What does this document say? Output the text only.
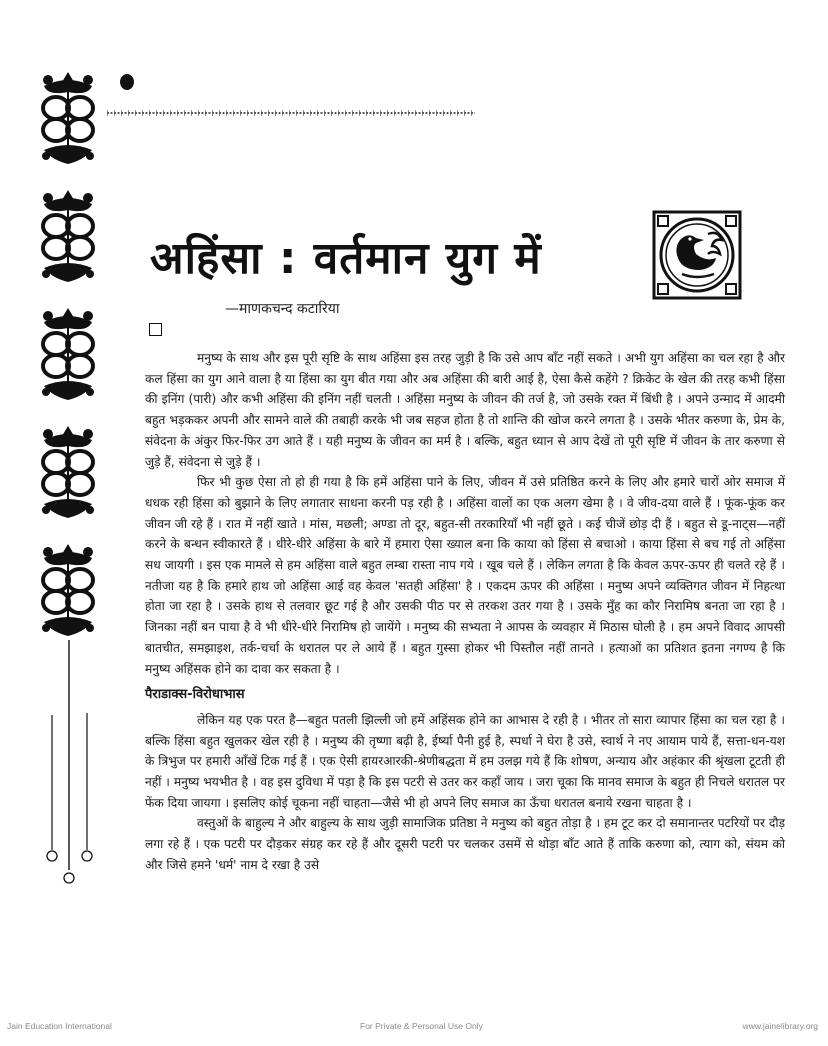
अहिंसा : वर्तमान युग में
—माणकचन्द कटारिया

मनुष्य के साथ और इस पूरी सृष्टि के साथ अहिंसा इस तरह जुड़ी है कि उसे आप बाँट नहीं सकते । अभी युग अहिंसा का चल रहा है और कल हिंसा का युग आने वाला है या हिंसा का युग बीत गया और अब अहिंसा की बारी आई है, ऐसा कैसे कहेंगे ? क्रिकेट के खेल की तरह कभी हिंसा की इनिंग (पारी) और कभी अहिंसा की इनिंग नहीं चलती । अहिंसा मनुष्य के जीवन की तर्ज है, जो उसके रक्त में बिंधी है । अपने उन्माद में आदमी बहुत भड़ककर अपनी और सामने वाले की तबाही करके भी जब सहज होता है तो शान्ति की खोज करने लगता है । उसके भीतर करुणा के, प्रेम के, संवेदना के अंकुर फिर-फिर उग आते हैं । यही मनुष्य के जीवन का मर्म है । बल्कि, बहुत ध्यान से आप देखें तो पूरी सृष्टि में जीवन के तार करुणा से जुड़े हैं, संवेदना से जुड़े हैं ।

फिर भी कुछ ऐसा तो हो ही गया है कि हमें अहिंसा पाने के लिए, जीवन में उसे प्रतिष्ठित करने के लिए और हमारे चारों ओर समाज में धधक रही हिंसा को बुझाने के लिए लगातार साधना करनी पड़ रही है । अहिंसा वालों का एक अलग खेमा है । वे जीव-दया वाले हैं । फूंक-फूंक कर जीवन जी रहे हैं । रात में नहीं खाते । मांस, मछली; अण्डा तो दूर, बहुत-सी तरकारियाँ भी नहीं छूते । कई चीजें छोड़ दी हैं । बहुत से डू-नाट्स—नहीं करने के बन्धन स्वीकारते हैं । धीरे-धीरे अहिंसा के बारे में हमारा ऐसा ख्याल बना कि काया को हिंसा से बचाओ । काया हिंसा से बच गई तो अहिंसा सध जायगी । इस एक मामले से हम अहिंसा वाले बहुत लम्बा रास्ता नाप गये । खूब चले हैं । लेकिन लगता है कि केवल ऊपर-ऊपर ही चलते रहे हैं । नतीजा यह है कि हमारे हाथ जो अहिंसा आई वह केवल 'सतही अहिंसा' है । एकदम ऊपर की अहिंसा । मनुष्य अपने व्यक्तिगत जीवन में निहत्था होता जा रहा है । उसके हाथ से तलवार छूट गई है और उसकी पीठ पर से तरकश उतर गया है । उसके मुँह का कौर निरामिष बनता जा रहा है । जिनका नहीं बन पाया है वे भी धीरे-धीरे निरामिष हो जायेंगे । मनुष्य की सभ्यता ने आपस के व्यवहार में मिठास घोली है । हम अपने विवाद आपसी बातचीत, समझाइश, तर्क-चर्चा के धरातल पर ले आये हैं । बहुत गुस्सा होकर भी पिस्तौल नहीं तानते । हत्याओं का प्रतिशत इतना नगण्य है कि मनुष्य अहिंसक होने का दावा कर सकता है ।

पैराडाक्स-विरोधाभास

लेकिन यह एक परत है—बहुत पतली झिल्ली जो हमें अहिंसक होने का आभास दे रही है । भीतर तो सारा व्यापार हिंसा का चल रहा है । बल्कि हिंसा बहुत खुलकर खेल रही है । मनुष्य की तृष्णा बढ़ी है, ईर्ष्या पैनी हुई है, स्पर्धा ने घेरा है उसे, स्वार्थ ने नए आयाम पाये हैं, सत्ता-धन-यश के त्रिभुज पर हमारी आँखें टिक गई हैं । एक ऐसी हायरआरकी-श्रेणीबद्धता में हम उलझ गये हैं कि शोषण, अन्याय और अहंकार की श्रृंखला टूटती ही नहीं । मनुष्य भयभीत है । वह इस दुविधा में पड़ा है कि इस पटरी से उतर कर कहाँ जाय । जरा चूका कि मानव समाज के बहुत ही निचले धरातल पर फेंक दिया जायगा । इसलिए कोई चूकना नहीं चाहता—जैसे भी हो अपने लिए समाज का ऊँचा धरातल बनाये रखना चाहता है ।

वस्तुओं के बाहुल्य ने और बाहुल्य के साथ जुड़ी सामाजिक प्रतिष्ठा ने मनुष्य को बहुत तोड़ा है । हम टूट कर दो समानान्तर पटरियों पर दौड़ लगा रहे हैं । एक पटरी पर दौड़कर संग्रह कर रहे हैं और दूसरी पटरी पर चलकर उसमें से थोड़ा बाँट आते हैं ताकि करुणा को, त्याग को, संयम को और जिसे हमने 'धर्म' नाम दे रखा है उसे

Jain Education International	For Private & Personal Use Only	www.jainelibrary.org
